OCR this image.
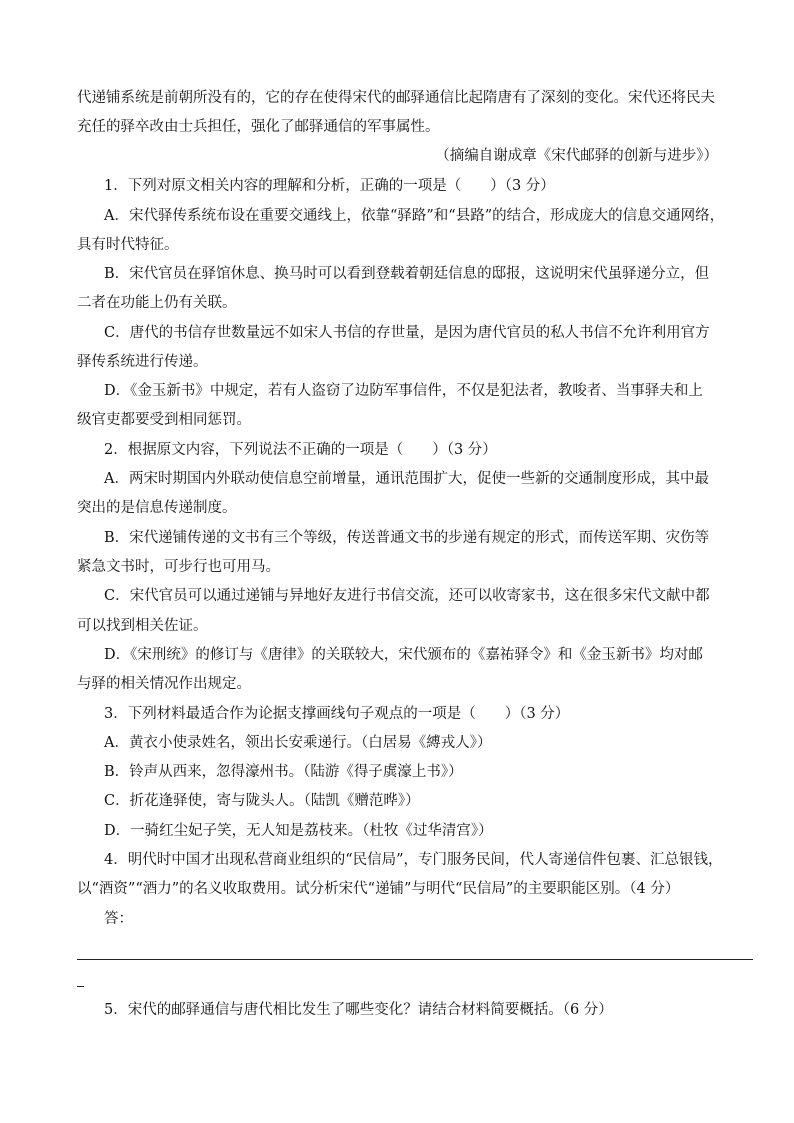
代递铺系统是前朝所没有的，它的存在使得宋代的邮驿通信比起隋唐有了深刻的变化。宋代还将民夫
充任的驿卒改由士兵担任，强化了邮驿通信的军事属性。
（摘编自谢成章《宋代邮驿的创新与进步》）
1．下列对原文相关内容的理解和分析，正确的一项是（　　）（3 分）
A．宋代驿传系统布设在重要交通线上，依靠“驿路”和“县路”的结合，形成庞大的信息交通网络，
具有时代特征。
B．宋代官员在驿馆休息、换马时可以看到登载着朝廷信息的邸报，这说明宋代虽驿递分立，但
二者在功能上仍有关联。
C．唐代的书信存世数量远不如宋人书信的存世量，是因为唐代官员的私人书信不允许利用官方
驿传系统进行传递。
D．《金玉新书》中规定，若有人盗窃了边防军事信件，不仅是犯法者，教唆者、当事驿夫和上
级官吏都要受到相同惩罚。
2．根据原文内容，下列说法不正确的一项是（　　）（3 分）
A．两宋时期国内外联动使信息空前增量，通讯范围扩大，促使一些新的交通制度形成，其中最
突出的是信息传递制度。
B．宋代递铺传递的文书有三个等级，传送普通文书的步递有规定的形式，而传送军期、灾伤等
紧急文书时，可步行也可用马。
C．宋代官员可以通过递铺与异地好友进行书信交流，还可以收寄家书，这在很多宋代文献中都
可以找到相关佐证。
D．《宋刑统》的修订与《唐律》的关联较大，宋代颁布的《嘉祐驿令》和《金玉新书》均对邮
与驿的相关情况作出规定。
3．下列材料最适合作为论据支撑画线句子观点的一项是（　　）（3 分）
A．黄衣小使录姓名，领出长安乘递行。（白居易《縛戎人》）
B．铃声从西来，忽得濠州书。（陆游《得子虡濠上书》）
C．折花逢驿使，寄与陇头人。（陆凯《赠范晔》）
D．一骑红尘妃子笑，无人知是荔枝来。（杜牧《过华清宫》）
4．明代时中国才出现私营商业组织的“民信局”，专门服务民间，代人寄递信件包裹、汇总银钱，
以“酒资”“酒力”的名义收取费用。试分析宋代“递铺”与明代“民信局”的主要职能区别。（4 分）
答：
5．宋代的邮驿通信与唐代相比发生了哪些变化？请结合材料简要概括。（6 分）
